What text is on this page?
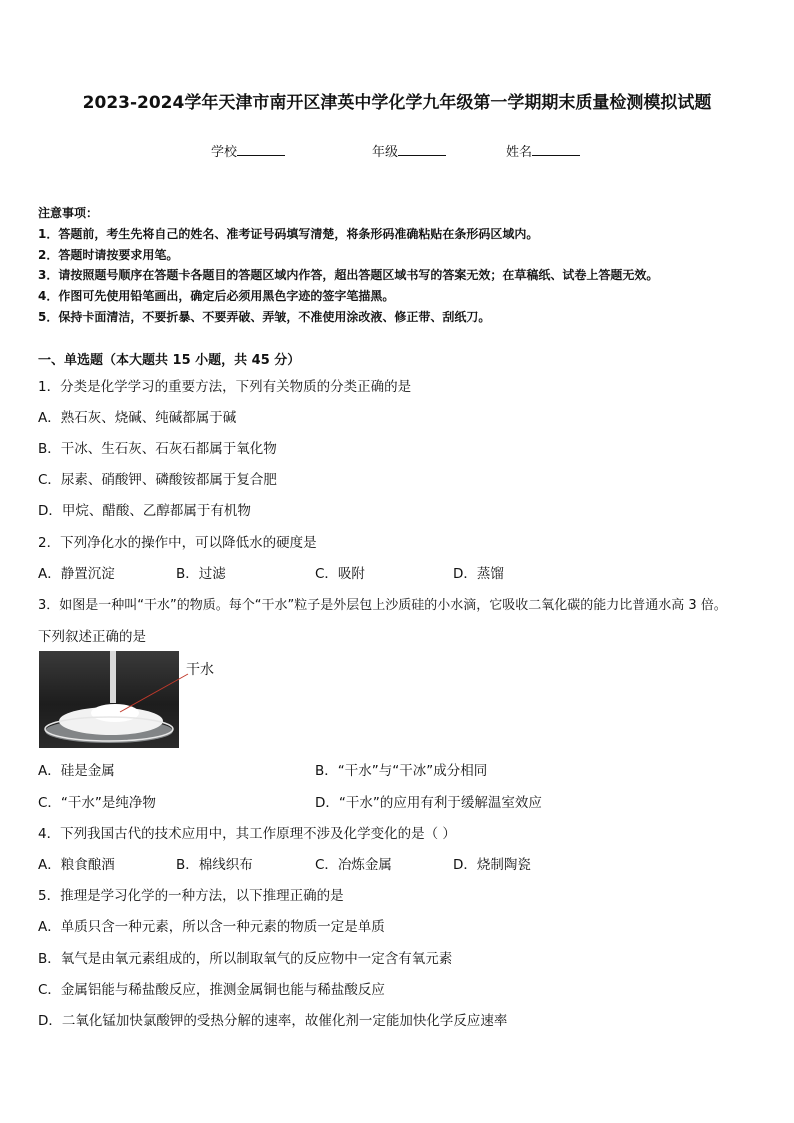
2023-2024学年天津市南开区津英中学化学九年级第一学期期末质量检测模拟试题
学校	年级	姓名
注意事项：
1．答题前，考生先将自己的姓名、准考证号码填写清楚，将条形码准确粘贴在条形码区域内。
2．答题时请按要求用笔。
3．请按照题号顺序在答题卡各题目的答题区域内作答，超出答题区域书写的答案无效；在草稿纸、试卷上答题无效。
4．作图可先使用铅笔画出，确定后必须用黑色字迹的签字笔描黑。
5．保持卡面清洁，不要折暴、不要弄破、弄皱，不准使用涂改液、修正带、刮纸刀。
一、单选题（本大题共 15 小题，共 45 分）
1．分类是化学学习的重要方法，下列有关物质的分类正确的是
A．熟石灰、烧碱、纯碱都属于碱
B．干冰、生石灰、石灰石都属于氧化物
C．尿素、硝酸钾、磷酸铵都属于复合肥
D．甲烷、醋酸、乙醇都属于有机物
2．下列净化水的操作中，可以降低水的硬度是
A．静置沉淀	B．过滤	C．吸附	D．蒸馏
3．如图是一种叫“干水”的物质。每个“干水”粒子是外层包上沙质硅的小水滴，它吸收二氧化碳的能力比普通水高 3 倍。
下列叙述正确的是
干水
A．硅是金属	B．“干水”与“干冰”成分相同
C．“干水”是纯净物	D．“干水”的应用有利于缓解温室效应
4．下列我国古代的技术应用中，其工作原理不涉及化学变化的是（ ）
A．粮食酿酒	B．棉线织布	C．冶炼金属	D．烧制陶瓷
5．推理是学习化学的一种方法，以下推理正确的是
A．单质只含一种元素，所以含一种元素的物质一定是单质
B．氧气是由氧元素组成的，所以制取氧气的反应物中一定含有氧元素
C．金属铝能与稀盐酸反应，推测金属铜也能与稀盐酸反应
D．二氧化锰加快氯酸钾的受热分解的速率，故催化剂一定能加快化学反应速率
